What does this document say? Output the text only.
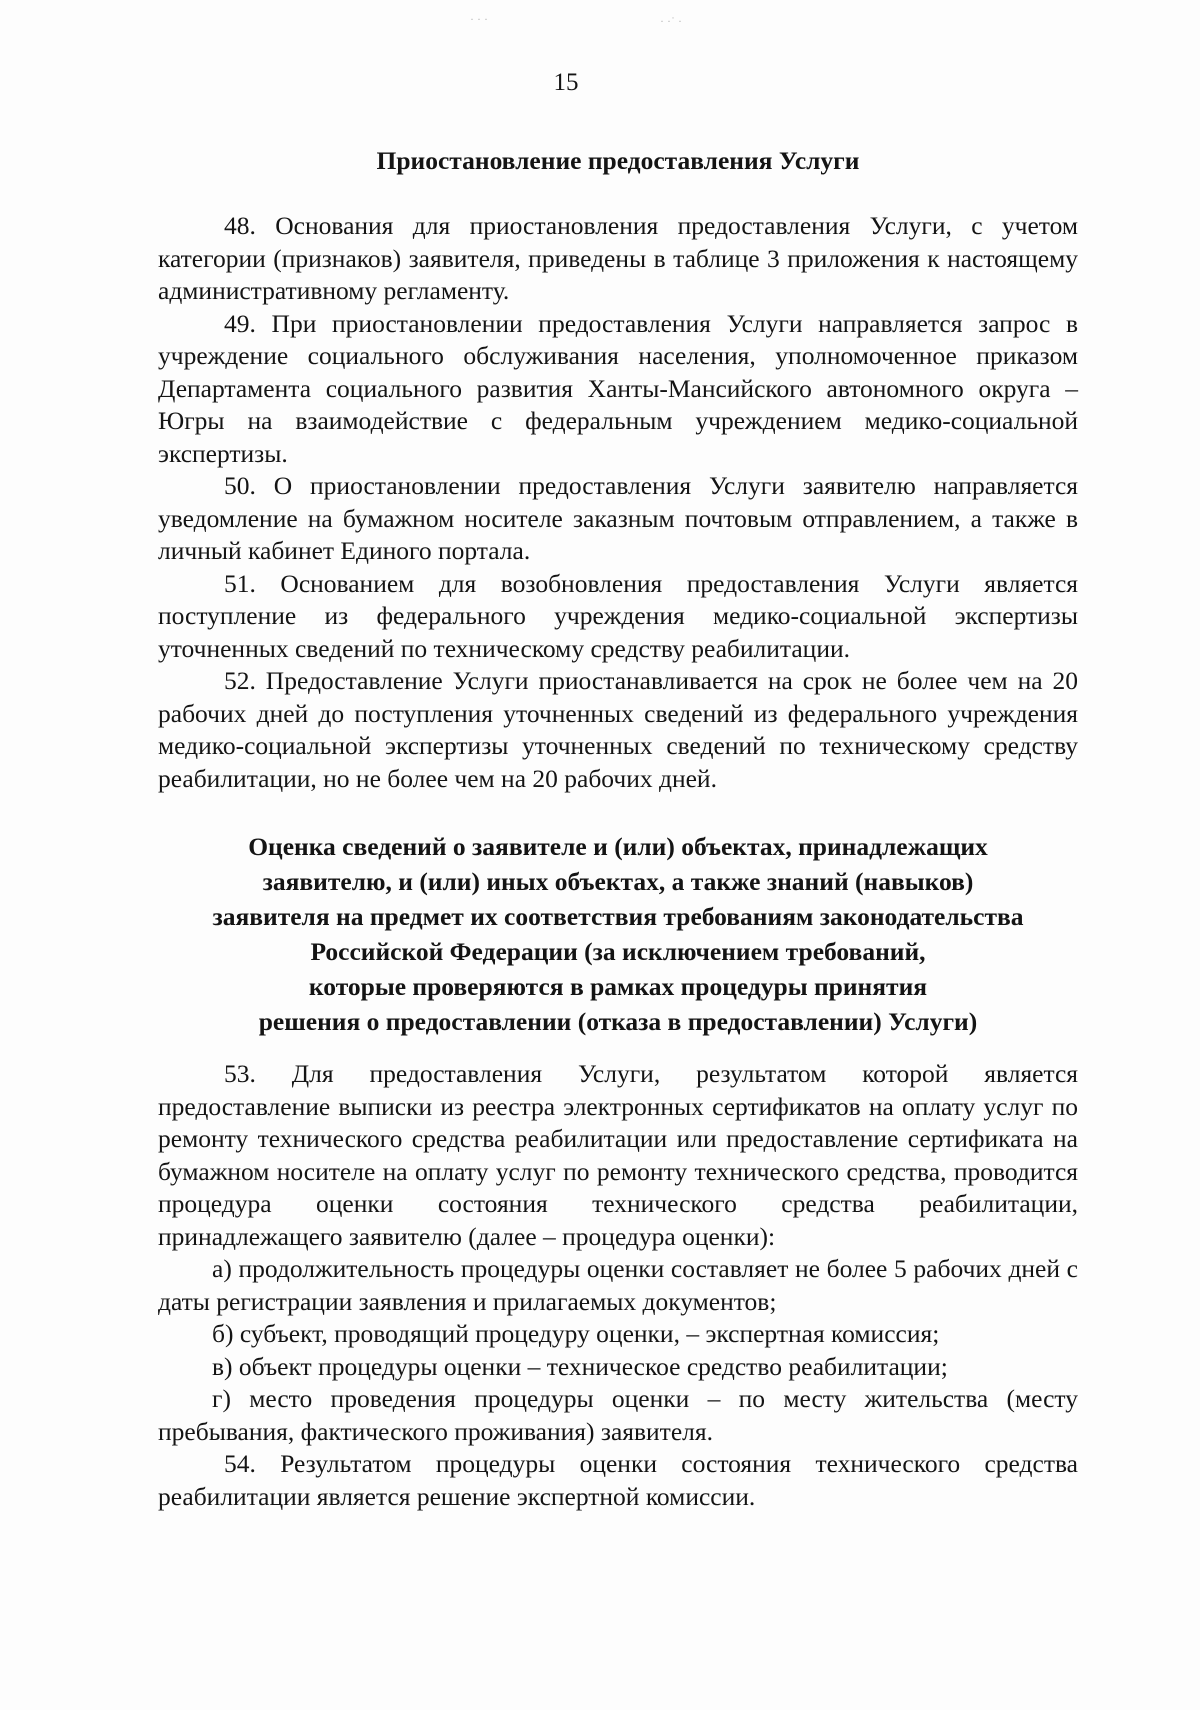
· · ·	· ·˙ ·
15
Приостановление предоставления Услуги

48. Основания для приостановления предоставления Услуги, с учетом категории (признаков) заявителя, приведены в таблице 3 приложения к настоящему административному регламенту.

49. При приостановлении предоставления Услуги направляется запрос в учреждение социального обслуживания населения, уполномоченное приказом Департамента социального развития Ханты-Мансийского автономного округа – Югры на взаимодействие с федеральным учреждением медико-социальной экспертизы.

50. О приостановлении предоставления Услуги заявителю направляется уведомление на бумажном носителе заказным почтовым отправлением, а также в личный кабинет Единого портала.

51. Основанием для возобновления предоставления Услуги является поступление из федерального учреждения медико-социальной экспертизы уточненных сведений по техническому средству реабилитации.

52. Предоставление Услуги приостанавливается на срок не более чем на 20 рабочих дней до поступления уточненных сведений из федерального учреждения медико-социальной экспертизы уточненных сведений по техническому средству реабилитации, но не более чем на 20 рабочих дней.

Оценка сведений о заявителе и (или) объектах, принадлежащих
заявителю, и (или) иных объектах, а также знаний (навыков)
заявителя на предмет их соответствия требованиям законодательства
Российской Федерации (за исключением требований,
которые проверяются в рамках процедуры принятия
решения о предоставлении (отказа в предоставлении) Услуги)

53. Для предоставления Услуги, результатом которой является предоставление выписки из реестра электронных сертификатов на оплату услуг по ремонту технического средства реабилитации или предоставление сертификата на бумажном носителе на оплату услуг по ремонту технического средства, проводится процедура оценки состояния технического средства реабилитации, принадлежащего заявителю (далее – процедура оценки):

а) продолжительность процедуры оценки составляет не более 5 рабочих дней с даты регистрации заявления и прилагаемых документов;

б) субъект, проводящий процедуру оценки, – экспертная комиссия;

в) объект процедуры оценки – техническое средство реабилитации;

г) место проведения процедуры оценки – по месту жительства (месту пребывания, фактического проживания) заявителя.

54. Результатом процедуры оценки состояния технического средства реабилитации является решение экспертной комиссии.
